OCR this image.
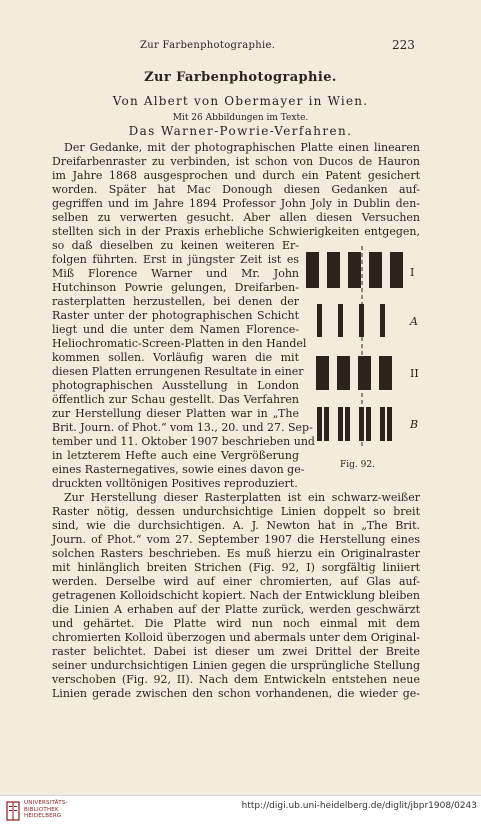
Zur Farbenphotographie.	223
Zur Farbenphotographie.
Von Albert von Obermayer in Wien.
Mit 26 Abbildungen im Texte.
Das Warner-Powrie-Verfahren.
Der Gedanke, mit der photographischen Platte einen linearen
Dreifarbenraster zu verbinden, ist schon von Ducos de Hauron
im Jahre 1868 ausgesprochen und durch ein Patent gesichert
worden. Später hat Mac Donough diesen Gedanken auf-
gegriffen und im Jahre 1894 Professor John Joly in Dublin den-
selben zu verwerten gesucht. Aber allen diesen Versuchen
stellten sich in der Praxis erhebliche Schwierigkeiten entgegen,
so daß dieselben zu keinen weiteren Er-
folgen führten. Erst in jüngster Zeit ist es
Miß Florence Warner und Mr. John
Hutchinson Powrie gelungen, Dreifarben-
rasterplatten herzustellen, bei denen der
Raster unter der photographischen Schicht
liegt und die unter dem Namen Florence-
Heliochromatic-Screen-Platten in den Handel
kommen sollen. Vorläufig waren die mit
diesen Platten errungenen Resultate in einer
photographischen Ausstellung in London
öffentlich zur Schau gestellt. Das Verfahren
zur Herstellung dieser Platten war in „The
Brit. Journ. of Phot.“ vom 13., 20. und 27. Sep-
tember und 11. Oktober 1907 beschrieben und
in letzterem Hefte auch eine Vergrößerung
eines Rasternegatives, sowie eines davon ge-
druckten volltönigen Positives reproduziert.
Zur Herstellung dieser Rasterplatten ist ein schwarz-weißer
Raster nötig, dessen undurchsichtige Linien doppelt so breit
sind, wie die durchsichtigen. A. J. Newton hat in „The Brit.
Journ. of Phot.“ vom 27. September 1907 die Herstellung eines
solchen Rasters beschrieben. Es muß hierzu ein Originalraster
mit hinlänglich breiten Strichen (Fig. 92, I) sorgfältig liniiert
werden. Derselbe wird auf einer chromierten, auf Glas auf-
getragenen Kolloidschicht kopiert. Nach der Entwicklung bleiben
die Linien A erhaben auf der Platte zurück, werden geschwärzt
und gehärtet. Die Platte wird nun noch einmal mit dem
chromierten Kolloid überzogen und abermals unter dem Original-
raster belichtet. Dabei ist dieser um zwei Drittel der Breite
seiner undurchsichtigen Linien gegen die ursprüngliche Stellung
verschoben (Fig. 92, II). Nach dem Entwickeln entstehen neue
Linien gerade zwischen den schon vorhandenen, die wieder ge-
I
A
II
B
Fig. 92.
UNIVERSITÄTS-
BIBLIOTHEK
HEIDELBERG
http://digi.ub.uni-heidelberg.de/diglit/jbpr1908/0243
